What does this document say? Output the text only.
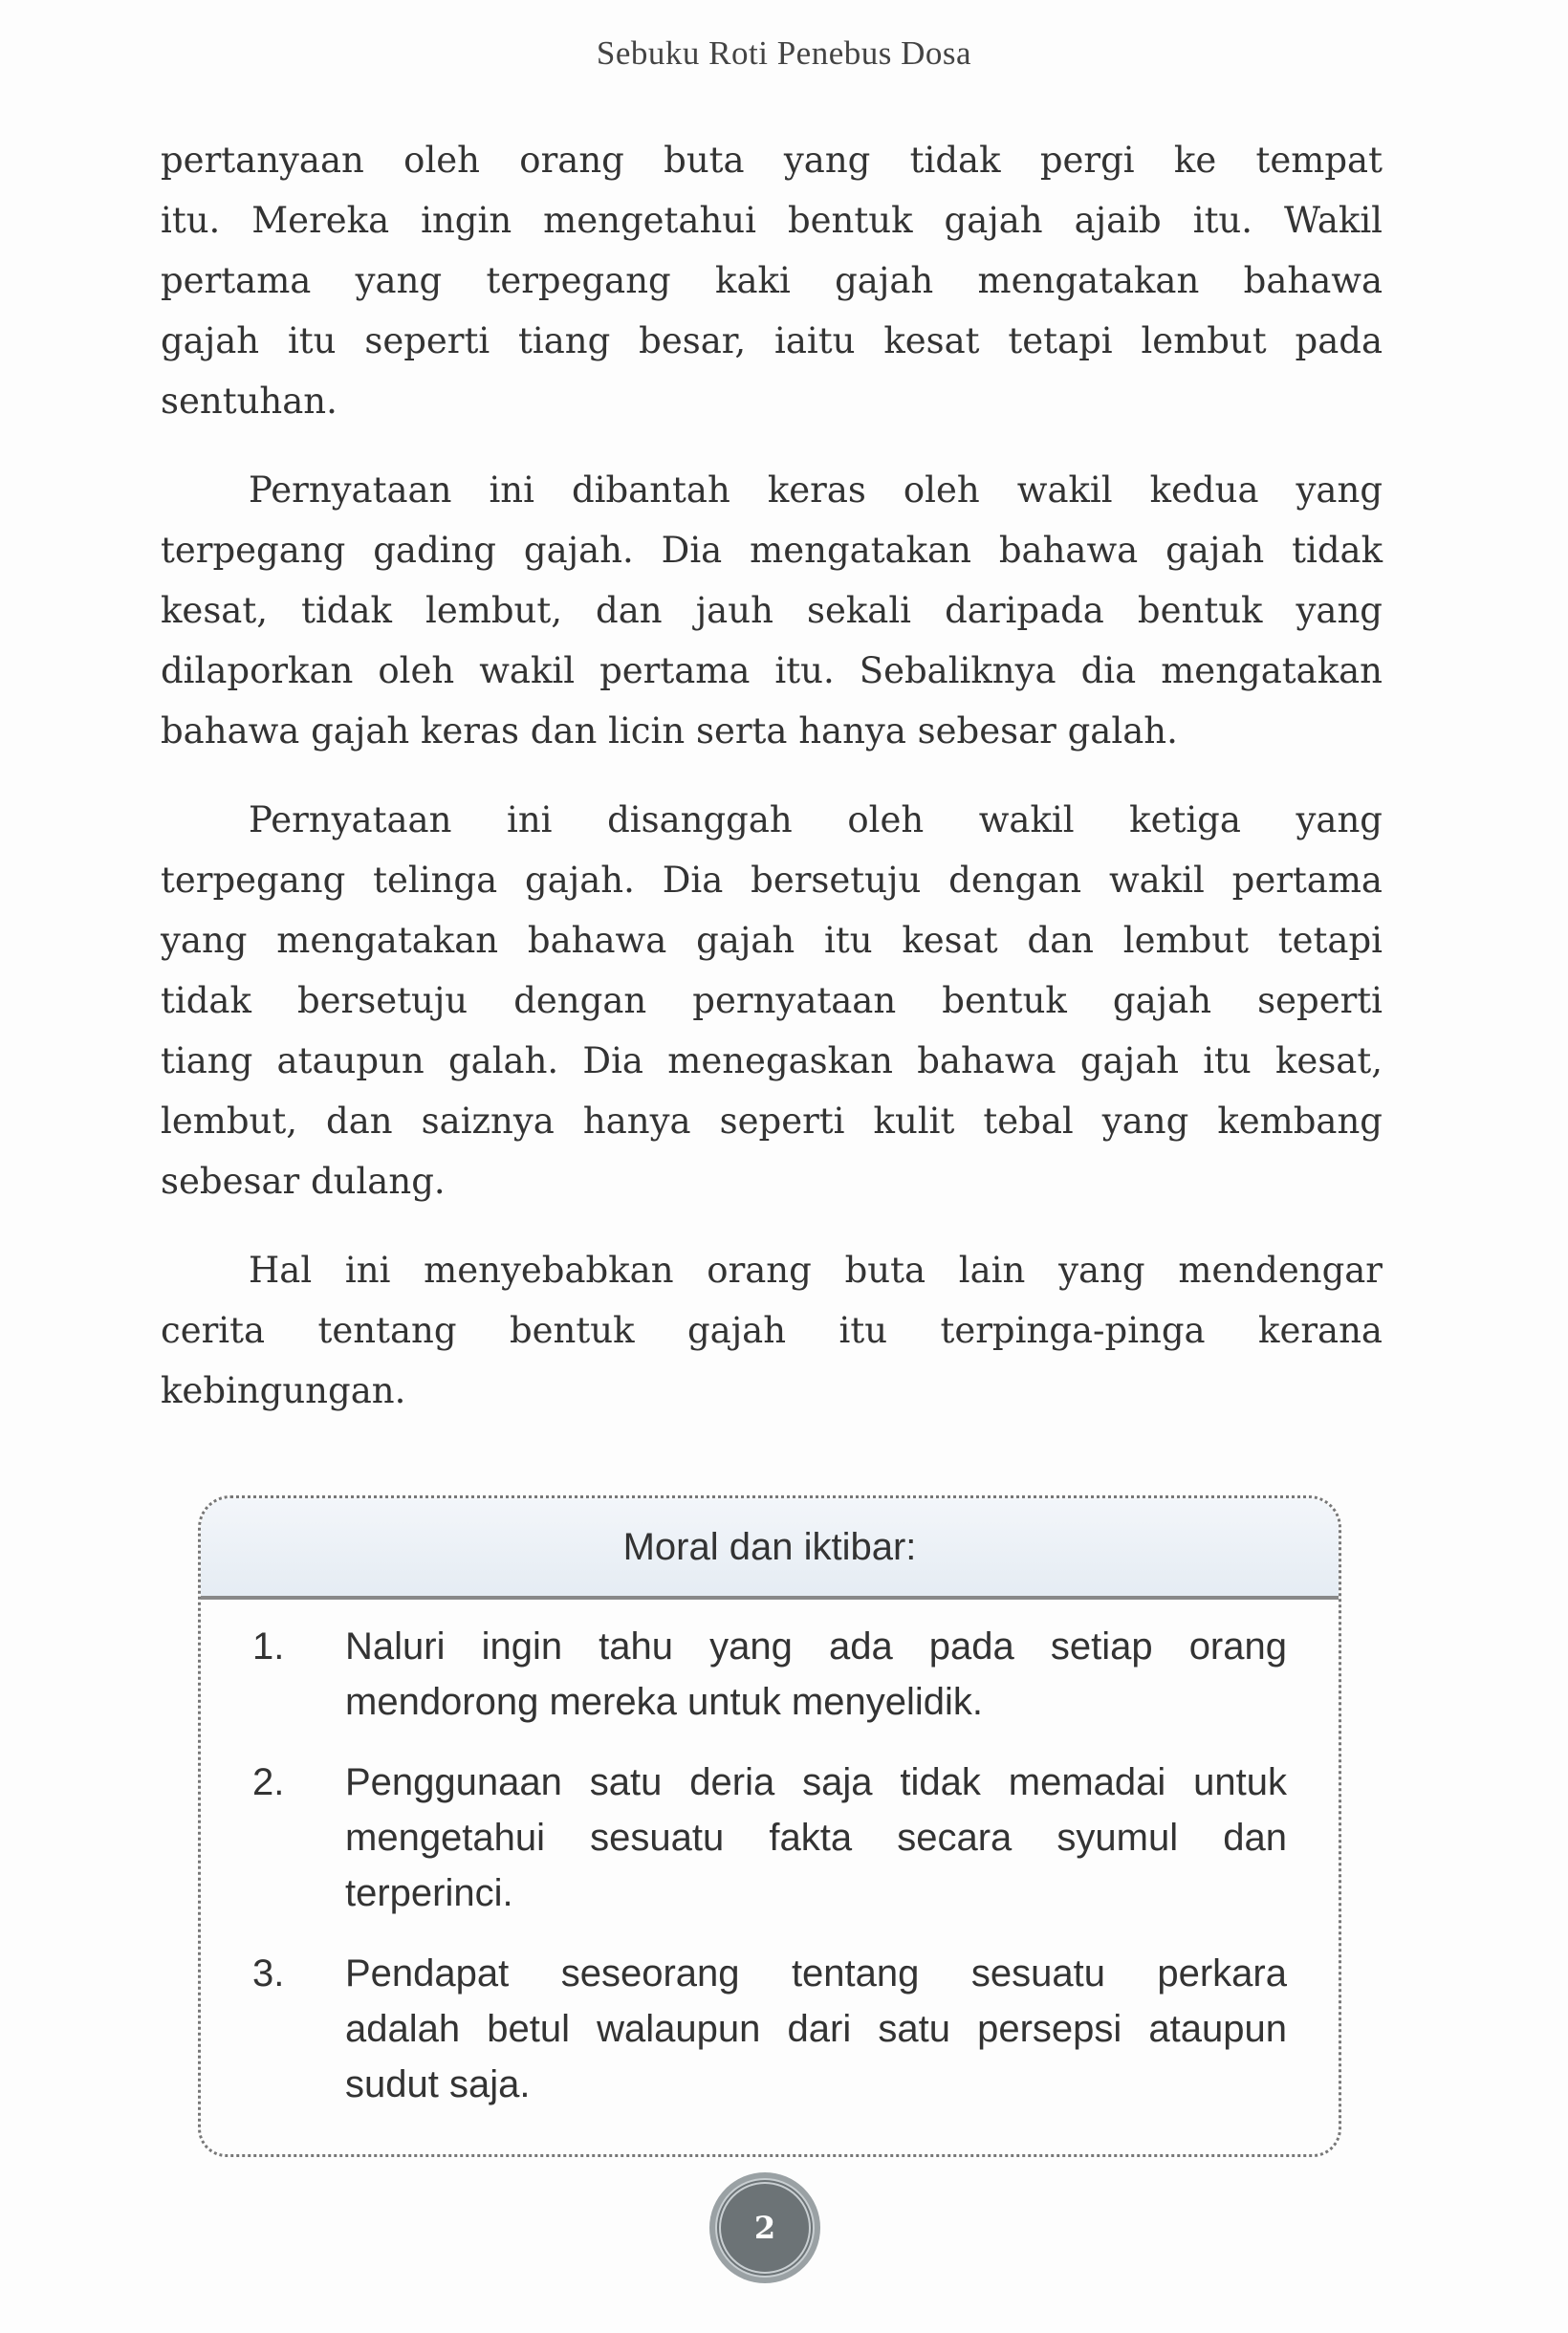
Sebuku Roti Penebus Dosa
pertanyaan oleh orang buta yang tidak pergi ke tempat
itu. Mereka ingin mengetahui bentuk gajah ajaib itu. Wakil
pertama yang terpegang kaki gajah mengatakan bahawa
gajah itu seperti tiang besar, iaitu kesat tetapi lembut pada
sentuhan.
Pernyataan ini dibantah keras oleh wakil kedua yang
terpegang gading gajah. Dia mengatakan bahawa gajah tidak
kesat, tidak lembut, dan jauh sekali daripada bentuk yang
dilaporkan oleh wakil pertama itu. Sebaliknya dia mengatakan
bahawa gajah keras dan licin serta hanya sebesar galah.
Pernyataan ini disanggah oleh wakil ketiga yang
terpegang telinga gajah. Dia bersetuju dengan wakil pertama
yang mengatakan bahawa gajah itu kesat dan lembut tetapi
tidak bersetuju dengan pernyataan bentuk gajah seperti
tiang ataupun galah. Dia menegaskan bahawa gajah itu kesat,
lembut, dan saiznya hanya seperti kulit tebal yang kembang
sebesar dulang.
Hal ini menyebabkan orang buta lain yang mendengar
cerita tentang bentuk gajah itu terpinga-pinga kerana
kebingungan.
Moral dan iktibar:
1.	Naluri ingin tahu yang ada pada setiap orang
mendorong mereka untuk menyelidik.
2.	Penggunaan satu deria saja tidak memadai untuk
mengetahui sesuatu fakta secara syumul dan
terperinci.
3.	Pendapat seseorang tentang sesuatu perkara
adalah betul walaupun dari satu persepsi ataupun
sudut saja.
2
